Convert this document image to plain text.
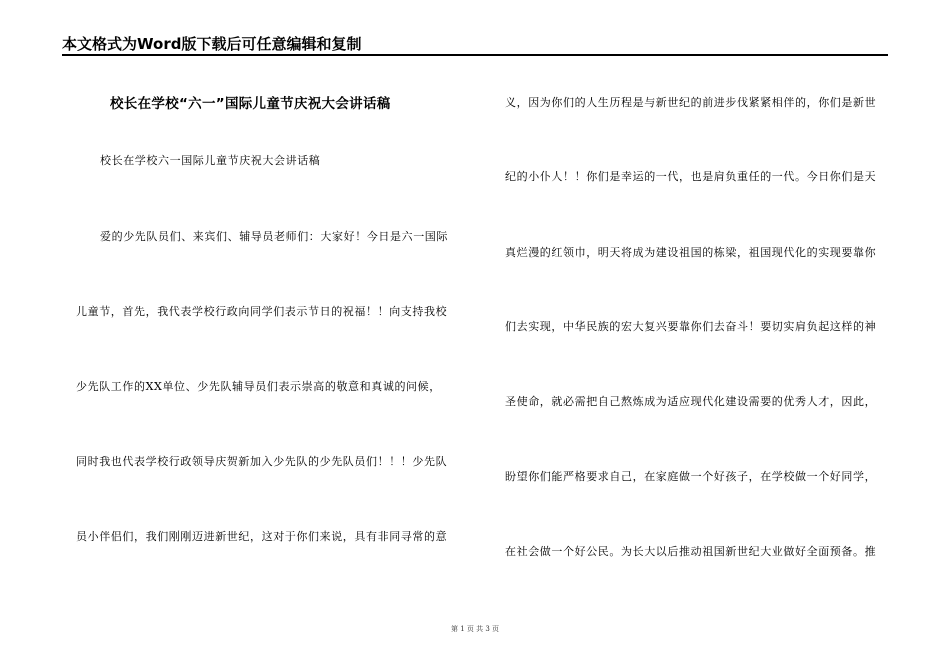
本文格式为Word版下载后可任意编辑和复制
校长在学校“六一”国际儿童节庆祝大会讲话稿
校长在学校六一国际儿童节庆祝大会讲话稿
爱的少先队员们、来宾们、辅导员老师们：大家好！今日是六一国际
儿童节，首先，我代表学校行政向同学们表示节日的祝福！！向支持我校
少先队工作的XX单位、少先队辅导员们表示崇高的敬意和真诚的问候，
同时我也代表学校行政领导庆贺新加入少先队的少先队员们！！！少先队
员小伴侣们，我们刚刚迈进新世纪，这对于你们来说，具有非同寻常的意
义，因为你们的人生历程是与新世纪的前进步伐紧紧相伴的，你们是新世
纪的小仆人！！你们是幸运的一代，也是肩负重任的一代。今日你们是天
真烂漫的红领巾，明天将成为建设祖国的栋梁，祖国现代化的实现要靠你
们去实现，中华民族的宏大复兴要靠你们去奋斗！要切实肩负起这样的神
圣使命，就必需把自己熬炼成为适应现代化建设需要的优秀人才，因此，
盼望你们能严格要求自己，在家庭做一个好孩子，在学校做一个好同学，
在社会做一个好公民。为长大以后推动祖国新世纪大业做好全面预备。推
第 1 页 共 3 页
